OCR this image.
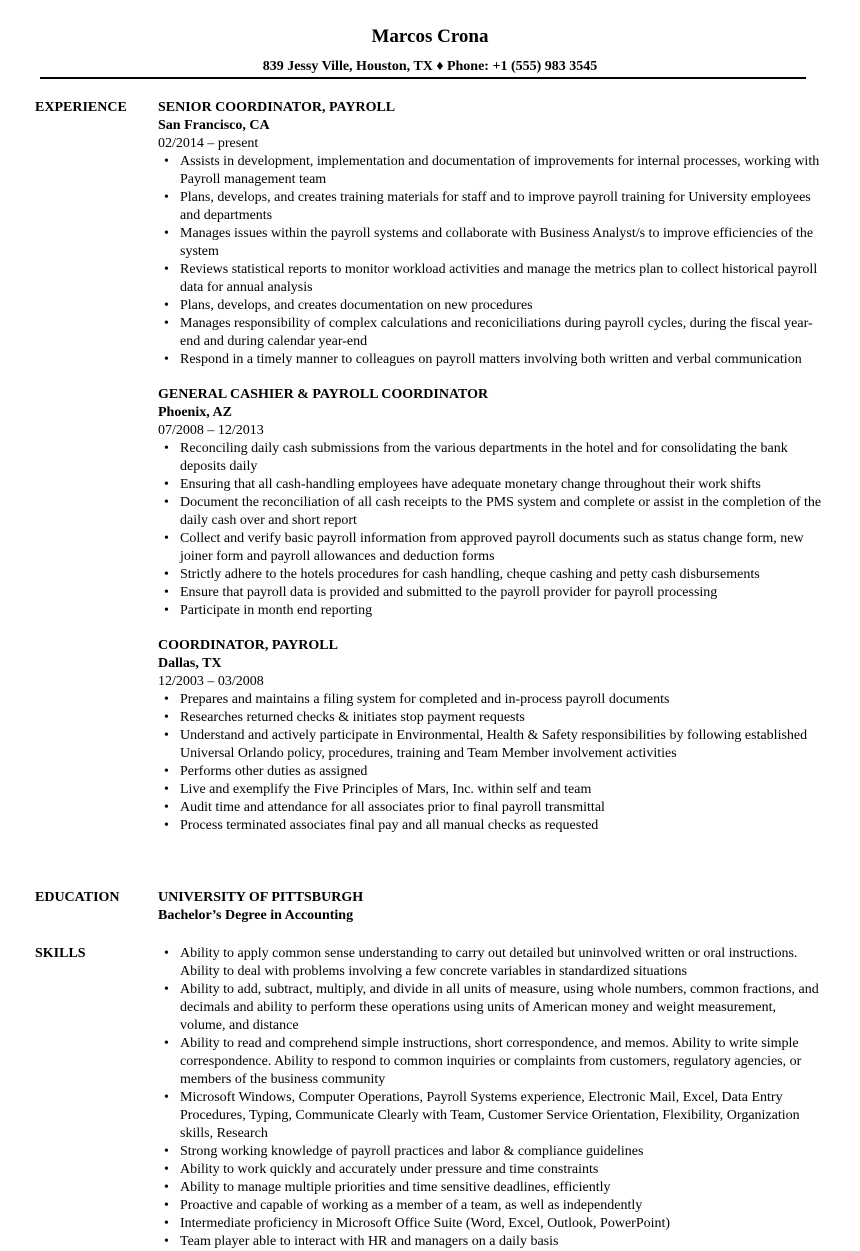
Marcos Crona
839 Jessy Ville, Houston, TX ♦ Phone: +1 (555) 983 3545
EXPERIENCE	SENIOR COORDINATOR, PAYROLL
San Francisco, CA
02/2014 – present
• Assists in development, implementation and documentation of improvements for internal processes, working with Payroll management team
• Plans, develops, and creates training materials for staff and to improve payroll training for University employees and departments
• Manages issues within the payroll systems and collaborate with Business Analyst/s to improve efficiencies of the system
• Reviews statistical reports to monitor workload activities and manage the metrics plan to collect historical payroll data for annual analysis
• Plans, develops, and creates documentation on new procedures
• Manages responsibility of complex calculations and reconiciliations during payroll cycles, during the fiscal year-end and during calendar year-end
• Respond in a timely manner to colleagues on payroll matters involving both written and verbal communication
GENERAL CASHIER & PAYROLL COORDINATOR
Phoenix, AZ
07/2008 – 12/2013
• Reconciling daily cash submissions from the various departments in the hotel and for consolidating the bank deposits daily
• Ensuring that all cash-handling employees have adequate monetary change throughout their work shifts
• Document the reconciliation of all cash receipts to the PMS system and complete or assist in the completion of the daily cash over and short report
• Collect and verify basic payroll information from approved payroll documents such as status change form, new joiner form and payroll allowances and deduction forms
• Strictly adhere to the hotels procedures for cash handling, cheque cashing and petty cash disbursements
• Ensure that payroll data is provided and submitted to the payroll provider for payroll processing
• Participate in month end reporting
COORDINATOR, PAYROLL
Dallas, TX
12/2003 – 03/2008
• Prepares and maintains a filing system for completed and in-process payroll documents
• Researches returned checks & initiates stop payment requests
• Understand and actively participate in Environmental, Health & Safety responsibilities by following established Universal Orlando policy, procedures, training and Team Member involvement activities
• Performs other duties as assigned
• Live and exemplify the Five Principles of Mars, Inc. within self and team
• Audit time and attendance for all associates prior to final payroll transmittal
• Process terminated associates final pay and all manual checks as requested
EDUCATION	UNIVERSITY OF PITTSBURGH
Bachelor’s Degree in Accounting
SKILLS
•	Ability to apply common sense understanding to carry out detailed but uninvolved written or oral instructions. Ability to deal with problems involving a few concrete variables in standardized situations
• Ability to add, subtract, multiply, and divide in all units of measure, using whole numbers, common fractions, and decimals and ability to perform these operations using units of American money and weight measurement, volume, and distance
• Ability to read and comprehend simple instructions, short correspondence, and memos. Ability to write simple correspondence. Ability to respond to common inquiries or complaints from customers, regulatory agencies, or members of the business community
• Microsoft Windows, Computer Operations, Payroll Systems experience, Electronic Mail, Excel, Data Entry Procedures, Typing, Communicate Clearly with Team, Customer Service Orientation, Flexibility, Organization skills, Research
• Strong working knowledge of payroll practices and labor & compliance guidelines
• Ability to work quickly and accurately under pressure and time constraints
• Ability to manage multiple priorities and time sensitive deadlines, efficiently
• Proactive and capable of working as a member of a team, as well as independently
• Intermediate proficiency in Microsoft Office Suite (Word, Excel, Outlook, PowerPoint)
• Team player able to interact with HR and managers on a daily basis
